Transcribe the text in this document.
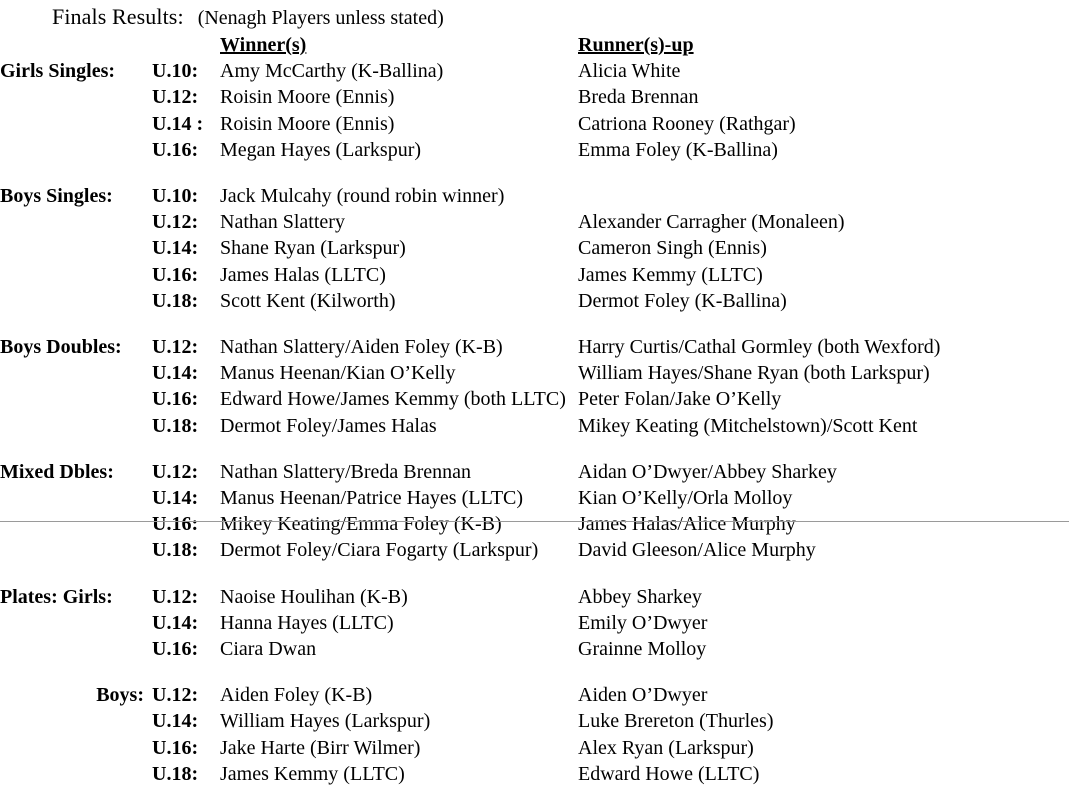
Finals Results: (Nenagh Players unless stated)
		Winner(s)	Runner(s)-up
Girls Singles:	U.10:	Amy McCarthy (K-Ballina)	Alicia White
	U.12:	Roisin Moore (Ennis)	Breda Brennan
	U.14 :	Roisin Moore (Ennis)	Catriona Rooney (Rathgar)
	U.16:	Megan Hayes (Larkspur)	Emma Foley (K-Ballina)

Boys Singles:	U.10:	Jack Mulcahy (round robin winner)	
	U.12:	Nathan Slattery	Alexander Carragher (Monaleen)
	U.14:	Shane Ryan (Larkspur)	Cameron Singh (Ennis)
	U.16:	James Halas (LLTC)	James Kemmy (LLTC)
	U.18:	Scott Kent (Kilworth)	Dermot Foley (K-Ballina)

Boys Doubles:	U.12:	Nathan Slattery/Aiden Foley (K-B)	Harry Curtis/Cathal Gormley (both Wexford)
	U.14:	Manus Heenan/Kian O’Kelly	William Hayes/Shane Ryan (both Larkspur)
	U.16:	Edward Howe/James Kemmy (both LLTC)	Peter Folan/Jake O’Kelly
	U.18:	Dermot Foley/James Halas	Mikey Keating (Mitchelstown)/Scott Kent

Mixed Dbles:	U.12:	Nathan Slattery/Breda Brennan	Aidan O’Dwyer/Abbey Sharkey
	U.14:	Manus Heenan/Patrice Hayes (LLTC)	Kian O’Kelly/Orla Molloy
	U.16:	Mikey Keating/Emma Foley (K-B)	James Halas/Alice Murphy
	U.18:	Dermot Foley/Ciara Fogarty (Larkspur)	David Gleeson/Alice Murphy

Plates: Girls:	U.12:	Naoise Houlihan (K-B)	Abbey Sharkey
	U.14:	Hanna Hayes (LLTC)	Emily O’Dwyer
	U.16:	Ciara Dwan	Grainne Molloy

Boys:	U.12:	Aiden Foley (K-B)	Aiden O’Dwyer
	U.14:	William Hayes (Larkspur)	Luke Brereton (Thurles)
	U.16:	Jake Harte (Birr Wilmer)	Alex Ryan (Larkspur)
	U.18:	James Kemmy (LLTC)	Edward Howe (LLTC)
